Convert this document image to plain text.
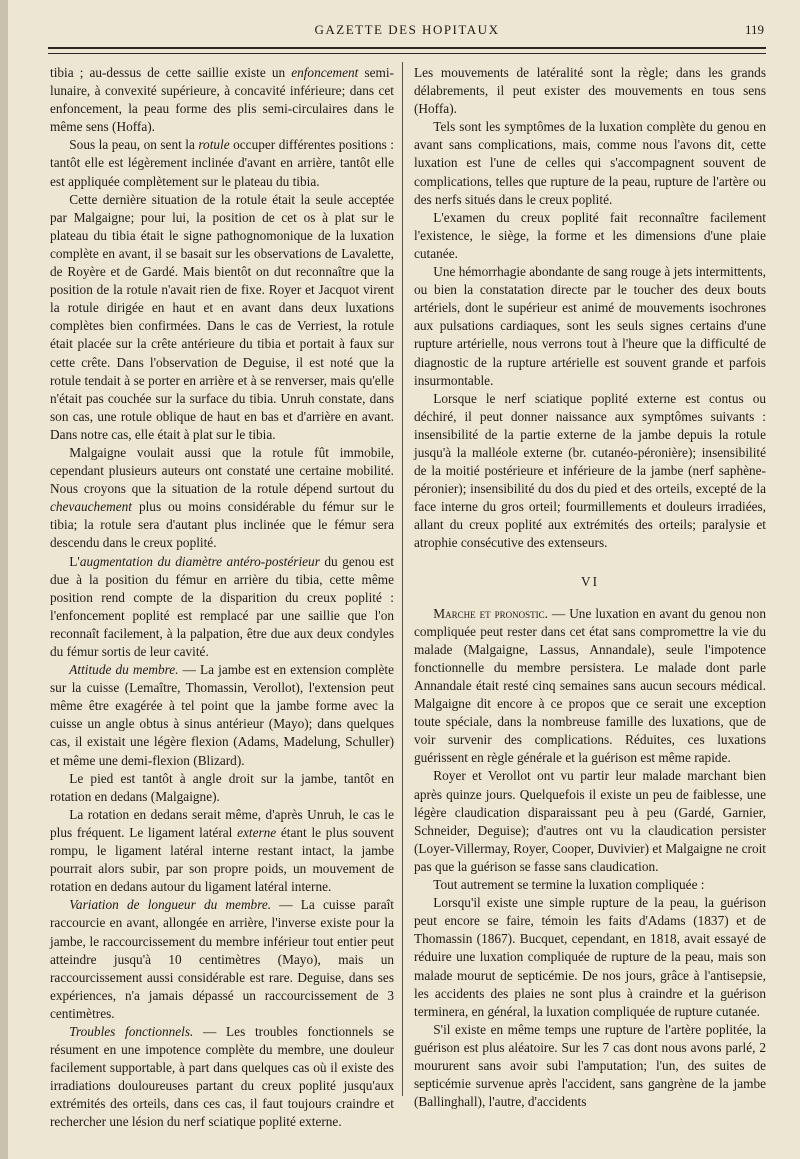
GAZETTE DES HOPITAUX	119

tibia ; au-dessus de cette saillie existe un enfoncement semi-lunaire, à convexité supérieure, à concavité inférieure; dans cet enfoncement, la peau forme des plis semi-circulaires dans le même sens (Hoffa).

Sous la peau, on sent la rotule occuper différentes positions : tantôt elle est légèrement inclinée d'avant en arrière, tantôt elle est appliquée complètement sur le plateau du tibia.

Cette dernière situation de la rotule était la seule acceptée par Malgaigne; pour lui, la position de cet os à plat sur le plateau du tibia était le signe pathognomonique de la luxation complète en avant, il se basait sur les observations de Lavalette, de Royère et de Gardé. Mais bientôt on dut reconnaître que la position de la rotule n'avait rien de fixe. Royer et Jacquot virent la rotule dirigée en haut et en avant dans deux luxations complètes bien confirmées. Dans le cas de Verriest, la rotule était placée sur la crête antérieure du tibia et portait à faux sur cette crête. Dans l'observation de Deguise, il est noté que la rotule tendait à se porter en arrière et à se renverser, mais qu'elle n'était pas couchée sur la surface du tibia. Unruh constate, dans son cas, une rotule oblique de haut en bas et d'arrière en avant. Dans notre cas, elle était à plat sur le tibia.

Malgaigne voulait aussi que la rotule fût immobile, cependant plusieurs auteurs ont constaté une certaine mobilité. Nous croyons que la situation de la rotule dépend surtout du chevauchement plus ou moins considérable du fémur sur le tibia; la rotule sera d'autant plus inclinée que le fémur sera descendu dans le creux poplité.

L'augmentation du diamètre antéro-postérieur du genou est due à la position du fémur en arrière du tibia, cette même position rend compte de la disparition du creux poplité : l'enfoncement poplité est remplacé par une saillie que l'on reconnaît facilement, à la palpation, être due aux deux condyles du fémur sortis de leur cavité.

Attitude du membre. — La jambe est en extension complète sur la cuisse (Lemaître, Thomassin, Verollot), l'extension peut même être exagérée à tel point que la jambe forme avec la cuisse un angle obtus à sinus antérieur (Mayo); dans quelques cas, il existait une légère flexion (Adams, Madelung, Schuller) et même une demi-flexion (Blizard).

Le pied est tantôt à angle droit sur la jambe, tantôt en rotation en dedans (Malgaigne).

La rotation en dedans serait même, d'après Unruh, le cas le plus fréquent. Le ligament latéral externe étant le plus souvent rompu, le ligament latéral interne restant intact, la jambe pourrait alors subir, par son propre poids, un mouvement de rotation en dedans autour du ligament latéral interne.

Variation de longueur du membre. — La cuisse paraît raccourcie en avant, allongée en arrière, l'inverse existe pour la jambe, le raccourcissement du membre inférieur tout entier peut atteindre jusqu'à 10 centimètres (Mayo), mais un raccourcissement aussi considérable est rare. Deguise, dans ses expériences, n'a jamais dépassé un raccourcissement de 3 centimètres.

Troubles fonctionnels. — Les troubles fonctionnels se résument en une impotence complète du membre, une douleur facilement supportable, à part dans quelques cas où il existe des irradiations douloureuses partant du creux poplité jusqu'aux extrémités des orteils, dans ces cas, il faut toujours craindre et rechercher une lésion du nerf sciatique poplité externe.

Les mouvements de latéralité sont la règle; dans les grands délabrements, il peut exister des mouvements en tous sens (Hoffa).

Tels sont les symptômes de la luxation complète du genou en avant sans complications, mais, comme nous l'avons dit, cette luxation est l'une de celles qui s'accompagnent souvent de complications, telles que rupture de la peau, rupture de l'artère ou des nerfs situés dans le creux poplité.

L'examen du creux poplité fait reconnaître facilement l'existence, le siège, la forme et les dimensions d'une plaie cutanée.

Une hémorrhagie abondante de sang rouge à jets intermittents, ou bien la constatation directe par le toucher des deux bouts artériels, dont le supérieur est animé de mouvements isochrones aux pulsations cardiaques, sont les seuls signes certains d'une rupture artérielle, nous verrons tout à l'heure que la difficulté de diagnostic de la rupture artérielle est souvent grande et parfois insurmontable.

Lorsque le nerf sciatique poplité externe est contus ou déchiré, il peut donner naissance aux symptômes suivants : insensibilité de la partie externe de la jambe depuis la rotule jusqu'à la malléole externe (br. cutanéo-péronière); insensibilité de la moitié postérieure et inférieure de la jambe (nerf saphène-péronier); insensibilité du dos du pied et des orteils, excepté de la face interne du gros orteil; fourmillements et douleurs irradiées, allant du creux poplité aux extrémités des orteils; paralysie et atrophie consécutive des extenseurs.

VI

Marche et pronostic. — Une luxation en avant du genou non compliquée peut rester dans cet état sans compromettre la vie du malade (Malgaigne, Lassus, Annandale), seule l'impotence fonctionnelle du membre persistera. Le malade dont parle Annandale était resté cinq semaines sans aucun secours médical. Malgaigne dit encore à ce propos que ce serait une exception toute spéciale, dans la nombreuse famille des luxations, que de voir survenir des complications. Réduites, ces luxations guérissent en règle générale et la guérison est même rapide.

Royer et Verollot ont vu partir leur malade marchant bien après quinze jours. Quelquefois il existe un peu de faiblesse, une légère claudication disparaissant peu à peu (Gardé, Garnier, Schneider, Deguise); d'autres ont vu la claudication persister (Loyer-Villermay, Royer, Cooper, Duvivier) et Malgaigne ne croit pas que la guérison se fasse sans claudication.

Tout autrement se termine la luxation compliquée :

Lorsqu'il existe une simple rupture de la peau, la guérison peut encore se faire, témoin les faits d'Adams (1837) et de Thomassin (1867). Bucquet, cependant, en 1818, avait essayé de réduire une luxation compliquée de rupture de la peau, mais son malade mourut de septicémie. De nos jours, grâce à l'antisepsie, les accidents des plaies ne sont plus à craindre et la guérison terminera, en général, la luxation compliquée de rupture cutanée.

S'il existe en même temps une rupture de l'artère poplitée, la guérison est plus aléatoire. Sur les 7 cas dont nous avons parlé, 2 moururent sans avoir subi l'amputation; l'un, des suites de septicémie survenue après l'accident, sans gangrène de la jambe (Ballinghall), l'autre, d'accidents
